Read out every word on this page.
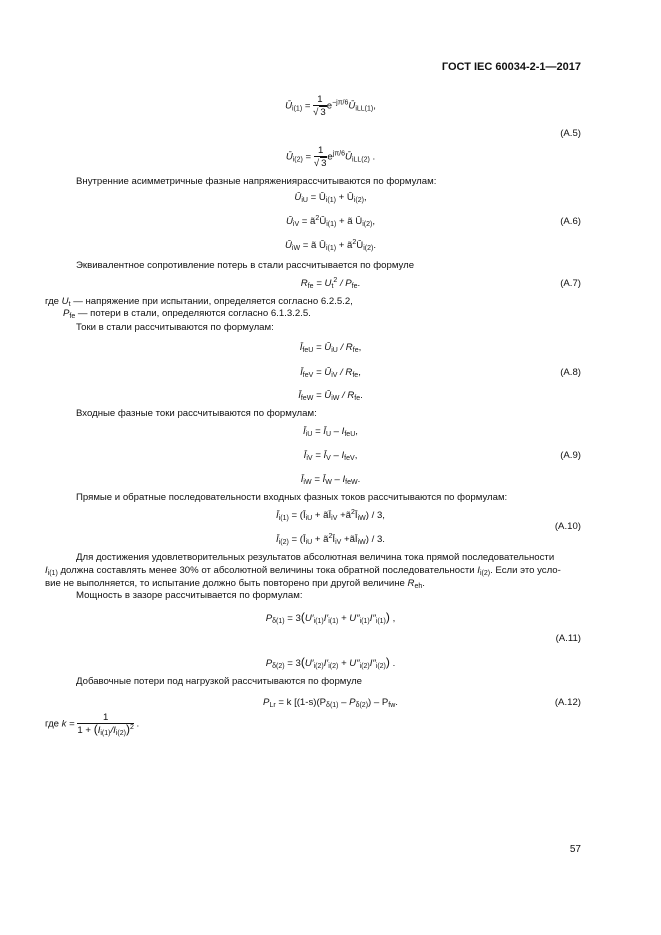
ГОСТ IEC 60034-2-1—2017
$Ū_{i(1)} = \frac{1}{√ 3}$ $e^{-j\pi/6}Ū_{iLL(1)}$,
(A.5)
$Ū_{i(2)} = \frac{1}{√ 3}$ $e^{j\pi/6}Ū_{iLL(2)}$ .
Внутренние асимметричные фазные напряжениярассчитываются по формулам:
$Ū_{iU}$ = $Ū_{i(1)}$ + $Ū_{i(2)}$,
$Ū_{iV}$ = $ã^2Ū_{i(1)}$ + ã $Ū_{i(2)}$,	(A.6)
$Ū_{iW}$ = ã $Ū_{i(1)}$ + $ã^2Ū_{i(2)}$.
Эквивалентное сопротивление потерь в стали рассчитывается по формуле
$R_{fe} = U_t^2 / P_{fe}$.	(A.7)
где $U_t$ — напряжение при испытании, определяется согласно 6.2.5.2,
$P_{fe}$ — потери в стали, определяются согласно 6.1.3.2.5.
Токи в стали рассчитываются по формулам:
$Ī_{feU}$ = $Ū_{iU} / R_{fe}$,
$Ī_{feV}$ = $Ū_{iV} / R_{fe}$,	(A.8)
$Ī_{feW}$ = $Ū_{iW} / R_{fe}$.
Входные фазные токи рассчитываются по формулам:
$Ī_{iU}$ = $Ī_U - I_{feU}$,
$Ī_{iV}$ = $Ī_V - I_{feV}$,	(A.9)
$Ī_{iW}$ = $Ī_W - I_{feW}$.
Прямые и обратные последовательности входных фазных токов рассчитываются по формулам:
$Ī_{i(1)}$ = ($Ī_{iU}$ + $ãĪ_{iV}$ $+ã^2Ī_{iW}) / 3$,
(A.10)
$Ī_{i(2)}$ = ($Ī_{iU}$ + $ã^2Ī_{iV}$ $+ãĪ_{iW}) / 3$.
Для достижения удовлетворительных результатов абсолютная величина тока прямой последовательности
$I_{i(1)}$ должна составлять менее 30% от абсолютной величины тока обратной последовательности $I_{i(2)}$. Если это усло-
вие не выполняется, то испытание должно быть повторено при другой величине $R_{eh}$.
Мощность в зазоре рассчитывается по формулам:
$P_{\delta(1)} = 3(U'_{i(1)}I'_{i(1)} + U''_{i(1)}I''_{i(1)})$ ,
(A.11)
$P_{\delta(2)} = 3(U'_{i(2)}I'_{i(2)} + U''_{i(2)}I''_{i(2)})$ .
Добавочные потери под нагрузкой рассчитываются по формуле
$P_{Lr} = k$ [$(1-s)(P_{\delta(1)} - P_{\delta(2)}) - P_{fw}$.	(A.12)
где $k = \frac{1}{1 + (I_{i(1)}/I_{i(2)})^2}$ .
57
